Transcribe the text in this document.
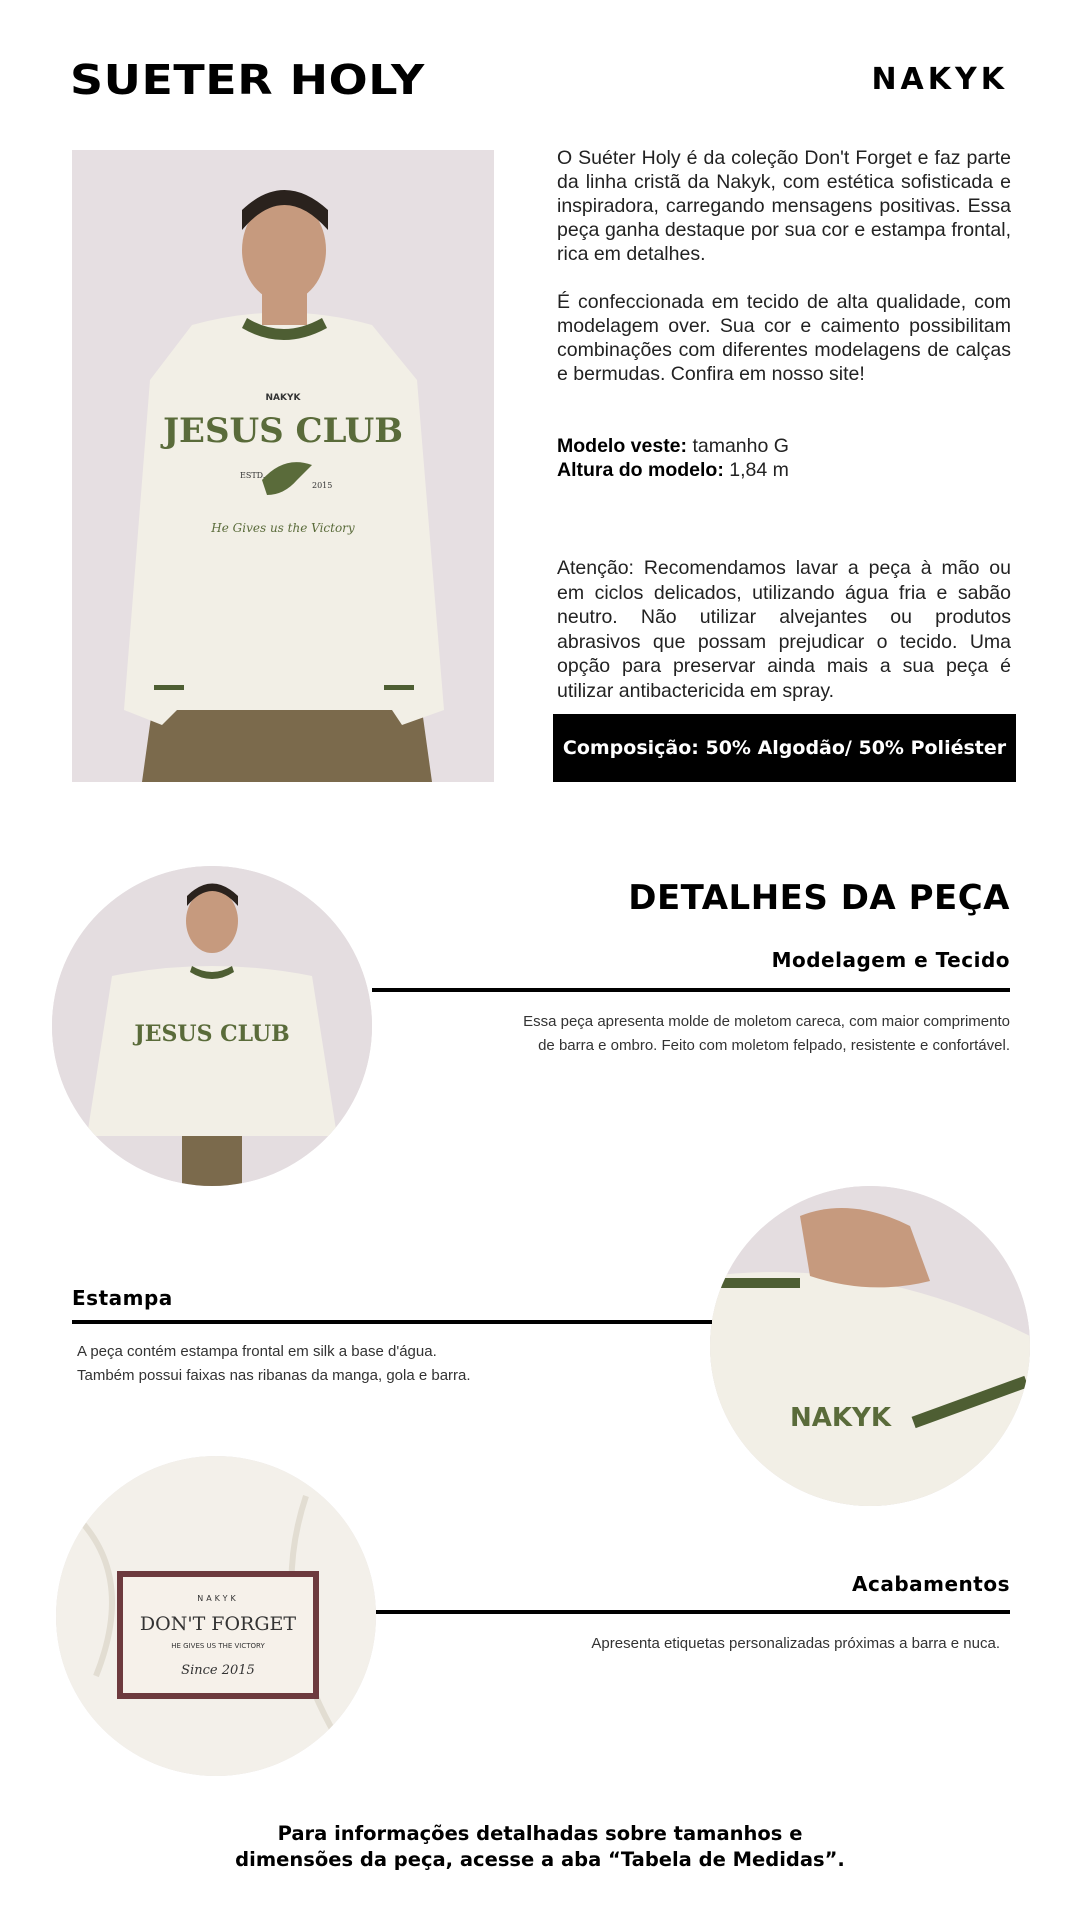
SUETER HOLY	NAKYK
NAKYK
JESUS CLUB
ESTD.
2015
He Gives us the Victory

O Suéter Holy é da coleção Don't Forget e faz parte da linha cristã da Nakyk, com estética sofisticada e inspiradora, carregando mensagens positivas. Essa peça ganha destaque por sua cor e estampa frontal, rica em detalhes.

É confeccionada em tecido de alta qualidade, com modelagem over. Sua cor e caimento possibilitam combinações com diferentes modelagens de calças e bermudas. Confira em nosso site!

Modelo veste: tamanho G
Altura do modelo: 1,84 m
Atenção: Recomendamos lavar a peça à mão ou em ciclos delicados, utilizando água fria e sabão neutro. Não utilizar alvejantes ou produtos abrasivos que possam prejudicar o tecido. Uma opção para preservar ainda mais a sua peça é utilizar antibactericida em spray.
Composição: 50% Algodão/ 50% Poliéster
DETALHES DA PEÇA
JESUS CLUB
Modelagem e Tecido
Essa peça apresenta molde de moletom careca, com maior comprimento
de barra e ombro. Feito com moletom felpado, resistente e confortável.
NAKYK
Estampa
A peça contém estampa frontal em silk a base d'água.
Também possui faixas nas ribanas da manga, gola e barra.
NAKYK
DON'T FORGET
HE GIVES US THE VICTORY
Since 2015
Acabamentos
Apresenta etiquetas personalizadas próximas a barra e nuca.
Para informações detalhadas sobre tamanhos e
dimensões da peça, acesse a aba “Tabela de Medidas”.
